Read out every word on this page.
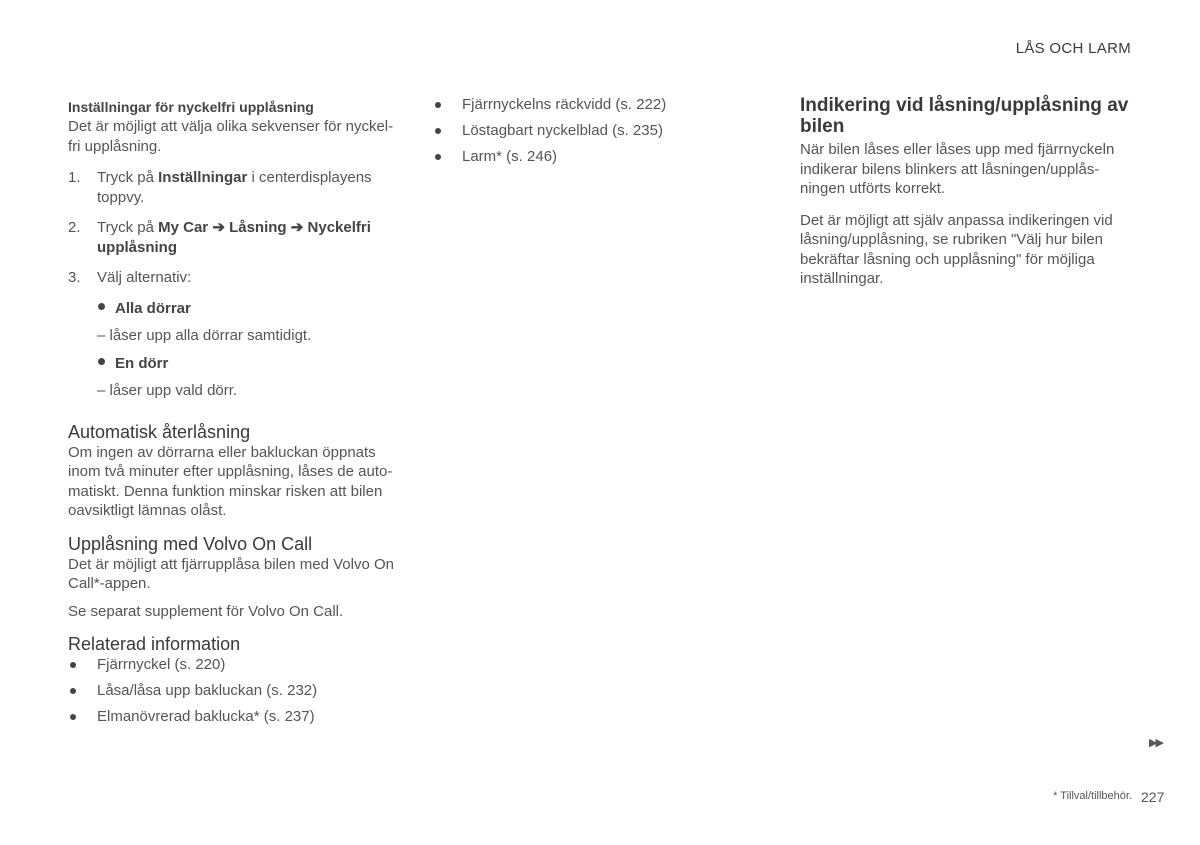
LÅS OCH LARM
Inställningar för nyckelfri upplåsning

Det är möjligt att välja olika sekvenser för nyckel-fri upplåsning.

1. Tryck på Inställningar i centerdisplayens toppvy.
2. Tryck på My Car ➔ Låsning ➔ Nyckelfri upplåsning
3. Välj alternativ:
Alla dörrar
– låser upp alla dörrar samtidigt.
En dörr
– låser upp vald dörr.
Automatisk återlåsning

Om ingen av dörrarna eller bakluckan öppnats inom två minuter efter upplåsning, låses de auto-matiskt. Denna funktion minskar risken att bilen oavsiktligt lämnas olåst.

Upplåsning med Volvo On Call

Det är möjligt att fjärrupplåsa bilen med Volvo On Call*-appen.

Se separat supplement för Volvo On Call.

Relaterad information
Fjärrnyckel (s. 220)
Låsa/låsa upp bakluckan (s. 232)
Elmanövrerad baklucka* (s. 237)
Fjärrnyckelns räckvidd (s. 222)
Löstagbart nyckelblad (s. 235)
Larm* (s. 246)
Indikering vid låsning/upplåsning av bilen

När bilen låses eller låses upp med fjärrnyckeln indikerar bilens blinkers att låsningen/upplås-ningen utförts korrekt.

Det är möjligt att själv anpassa indikeringen vid låsning/upplåsning, se rubriken "Välj hur bilen bekräftar låsning och upplåsning" för möjliga inställningar.

▶▶
* Tillval/tillbehör. 227
